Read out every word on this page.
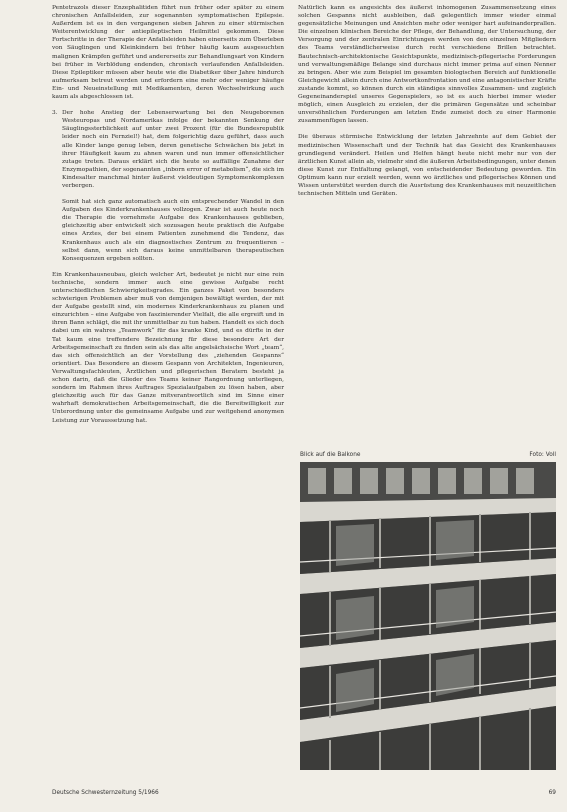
Pentetrazols dieser Enzephalitiden führt nun früher oder später zu einem chronischen Anfallsleiden, zur sogenannten symptomatischen Epilepsie. Außerdem ist es in den vergangenen sieben Jahren zu einer stürmischen Weiterentwicklung der antiepileptischen Heilmittel gekommen. Diese Fortschritte in der Therapie der Anfallsleiden haben einerseits zum Überleben von Säuglingen und Kleinkindern bei früher häufig kaum ausgesuchten malignen Krämpfen geführt und andererseits zur Behandlungsart von Kindern bei früher in Verblödung endenden, chronisch verlaufenden Anfallsleiden. Diese Epileptiker müssen aber heute wie die Diabetiker über Jahre hindurch aufmerksam betreut werden und erfordern eine mehr oder weniger häufige Ein- und Neueinstellung mit Medikamenten, deren Wechselwirkung auch kaum als abgeschlossen ist.

3. Der hohe Anstieg der Lebenserwartung bei den Neugeborenen Westeuropas und Nordamerikas infolge der bekannten Senkung der Säuglingssterblichkeit auf unter zwei Prozent (für die Bundesrepublik leider noch ein Fernziel!) hat, dem folgerichtig dazu geführt, dass auch alle Kinder lange genug leben, deren genetische Schwächen bis jetzt in ihrer Häufigkeit kaum zu ahnen waren und nun immer offensichtlicher zutage treten. Daraus erklärt sich die heute so auffällige Zunahme der Enzymopathien, der sogenannten „inborn error of metabolism“, die sich im Kindesalter manchmal hinter äußerst vieldeutigen Symptomenkomplexen verbergen.

Somit hat sich ganz automatisch auch ein entsprechender Wandel in den Aufgaben des Kinderkrankenhauses vollzogen. Zwar ist auch heute noch die Therapie die vornehmste Aufgabe des Krankenhauses geblieben, gleichzeitig aber entwickelt sich sozusagen heute praktisch die Aufgabe eines Arztes, der bei einem Patienten zunehmend die Tendenz, das Krankenhaus auch als ein diagnostisches Zentrum zu frequentieren – selbst dann, wenn sich daraus keine unmittelbaren therapeutischen Konsequenzen ergeben sollten.

Ein Krankenhausneubau, gleich welcher Art, bedeutet je nicht nur eine rein technische, sondern immer auch eine gewisse Aufgabe recht unterschiedlichen Schwierigkeitsgrades. Ein ganzes Paket von besonders schwierigen Problemen aber muß von demjenigen bewältigt werden, der mit der Aufgabe gestellt sind, ein modernes Kinderkrankenhaus zu planen und einzurichten – eine Aufgabe von faszinierender Vielfalt, die alle ergreift und in ihren Bann schlägt, die mit ihr unmittelbar zu tun haben. Handelt es sich doch dabei um ein wahres „Teamwork“ für das kranke Kind, und es dürfte in der Tat kaum eine treffendere Bezeichnung für diese besondere Art der Arbeitsgemeinschaft zu finden sein als das alte angelsächsische Wort „team“, das sich offensichtlich an der Vorstellung des „ziehenden Gespanns“ orientiert. Das Besondere an diesem Gespann von Architekten, Ingenieuren, Verwaltungsfachleuten, Ärztlichen und pflegerischen Beratern besteht ja schon darin, daß die Glieder des Teams keiner Rangordnung unterliegen, sondern im Rahmen ihres Auftrages Spezialaufgaben zu lösen haben, aber gleichzeitig auch für das Ganze mitverantwortlich sind im Sinne einer wahrhaft demokratischen Arbeitsgemeinschaft, die die Bereitwilligkeit zur Unterordnung unter die gemeinsame Aufgabe und zur weitgehend anonymen Leistung zur Voraussetzung hat.

Natürlich kann es angesichts des äußerst inhomogenen Zusammensetzung eines solchen Gespanns nicht ausbleiben, daß gelegentlich immer wieder einmal gegensätzliche Meinungen und Ansichten mehr oder weniger hart aufeinanderprallen. Die einzelnen klinischen Bereiche der Pflege, der Behandlung, der Untersuchung, der Versorgung und der zentralen Einrichtungen werden von den einzelnen Mitgliedern des Teams verständlicherweise durch recht verschiedene Brillen betrachtet. Bautechnisch-architektonische Gesichtspunkte, medizinisch-pflegerische Forderungen und verwaltungsmäßige Belange sind durchaus nicht immer prima auf einen Nenner zu bringen. Aber wie zum Beispiel im gesamten biologischen Bereich auf funktionelle Gleichgewicht allein durch eine Antwortkonfrontation und eine antagonistischer Kräfte zustande kommt, so können durch ein ständiges sinnvolles Zusammen- und zugleich Gegeneinanderspiel unseres Gegenspielers, so ist es auch hierbei immer wieder möglich, einen Ausgleich zu erzielen, der die primären Gegensätze und scheinbar unversöhnlichen Forderungen am letzten Ende zumeist doch zu einer Harmonie zusammenfügen lassen.

Die überaus stürmische Entwicklung der letzten Jahrzehnte auf dem Gebiet der medizinischen Wissenschaft und der Technik hat das Gesicht des Krankenhauses grundlegend verändert. Heilen und Helfen hängt heute nicht mehr nur von der ärztlichen Kunst allein ab, vielmehr sind die äußeren Arbeitsbedingungen, unter denen diese Kunst zur Entfaltung gelangt, von entscheidender Bedeutung geworden. Ein Optimum kann nur erzielt werden, wenn wo ärztliches und pflegerisches Können und Wissen unterstützt werden durch die Ausrüstung des Krankenhauses mit neuzeitlichen technischen Mitteln und Geräten.

Blick auf die Balkone	Foto: Voll
Deutsche Schwesternzeitung 5/1966	69
